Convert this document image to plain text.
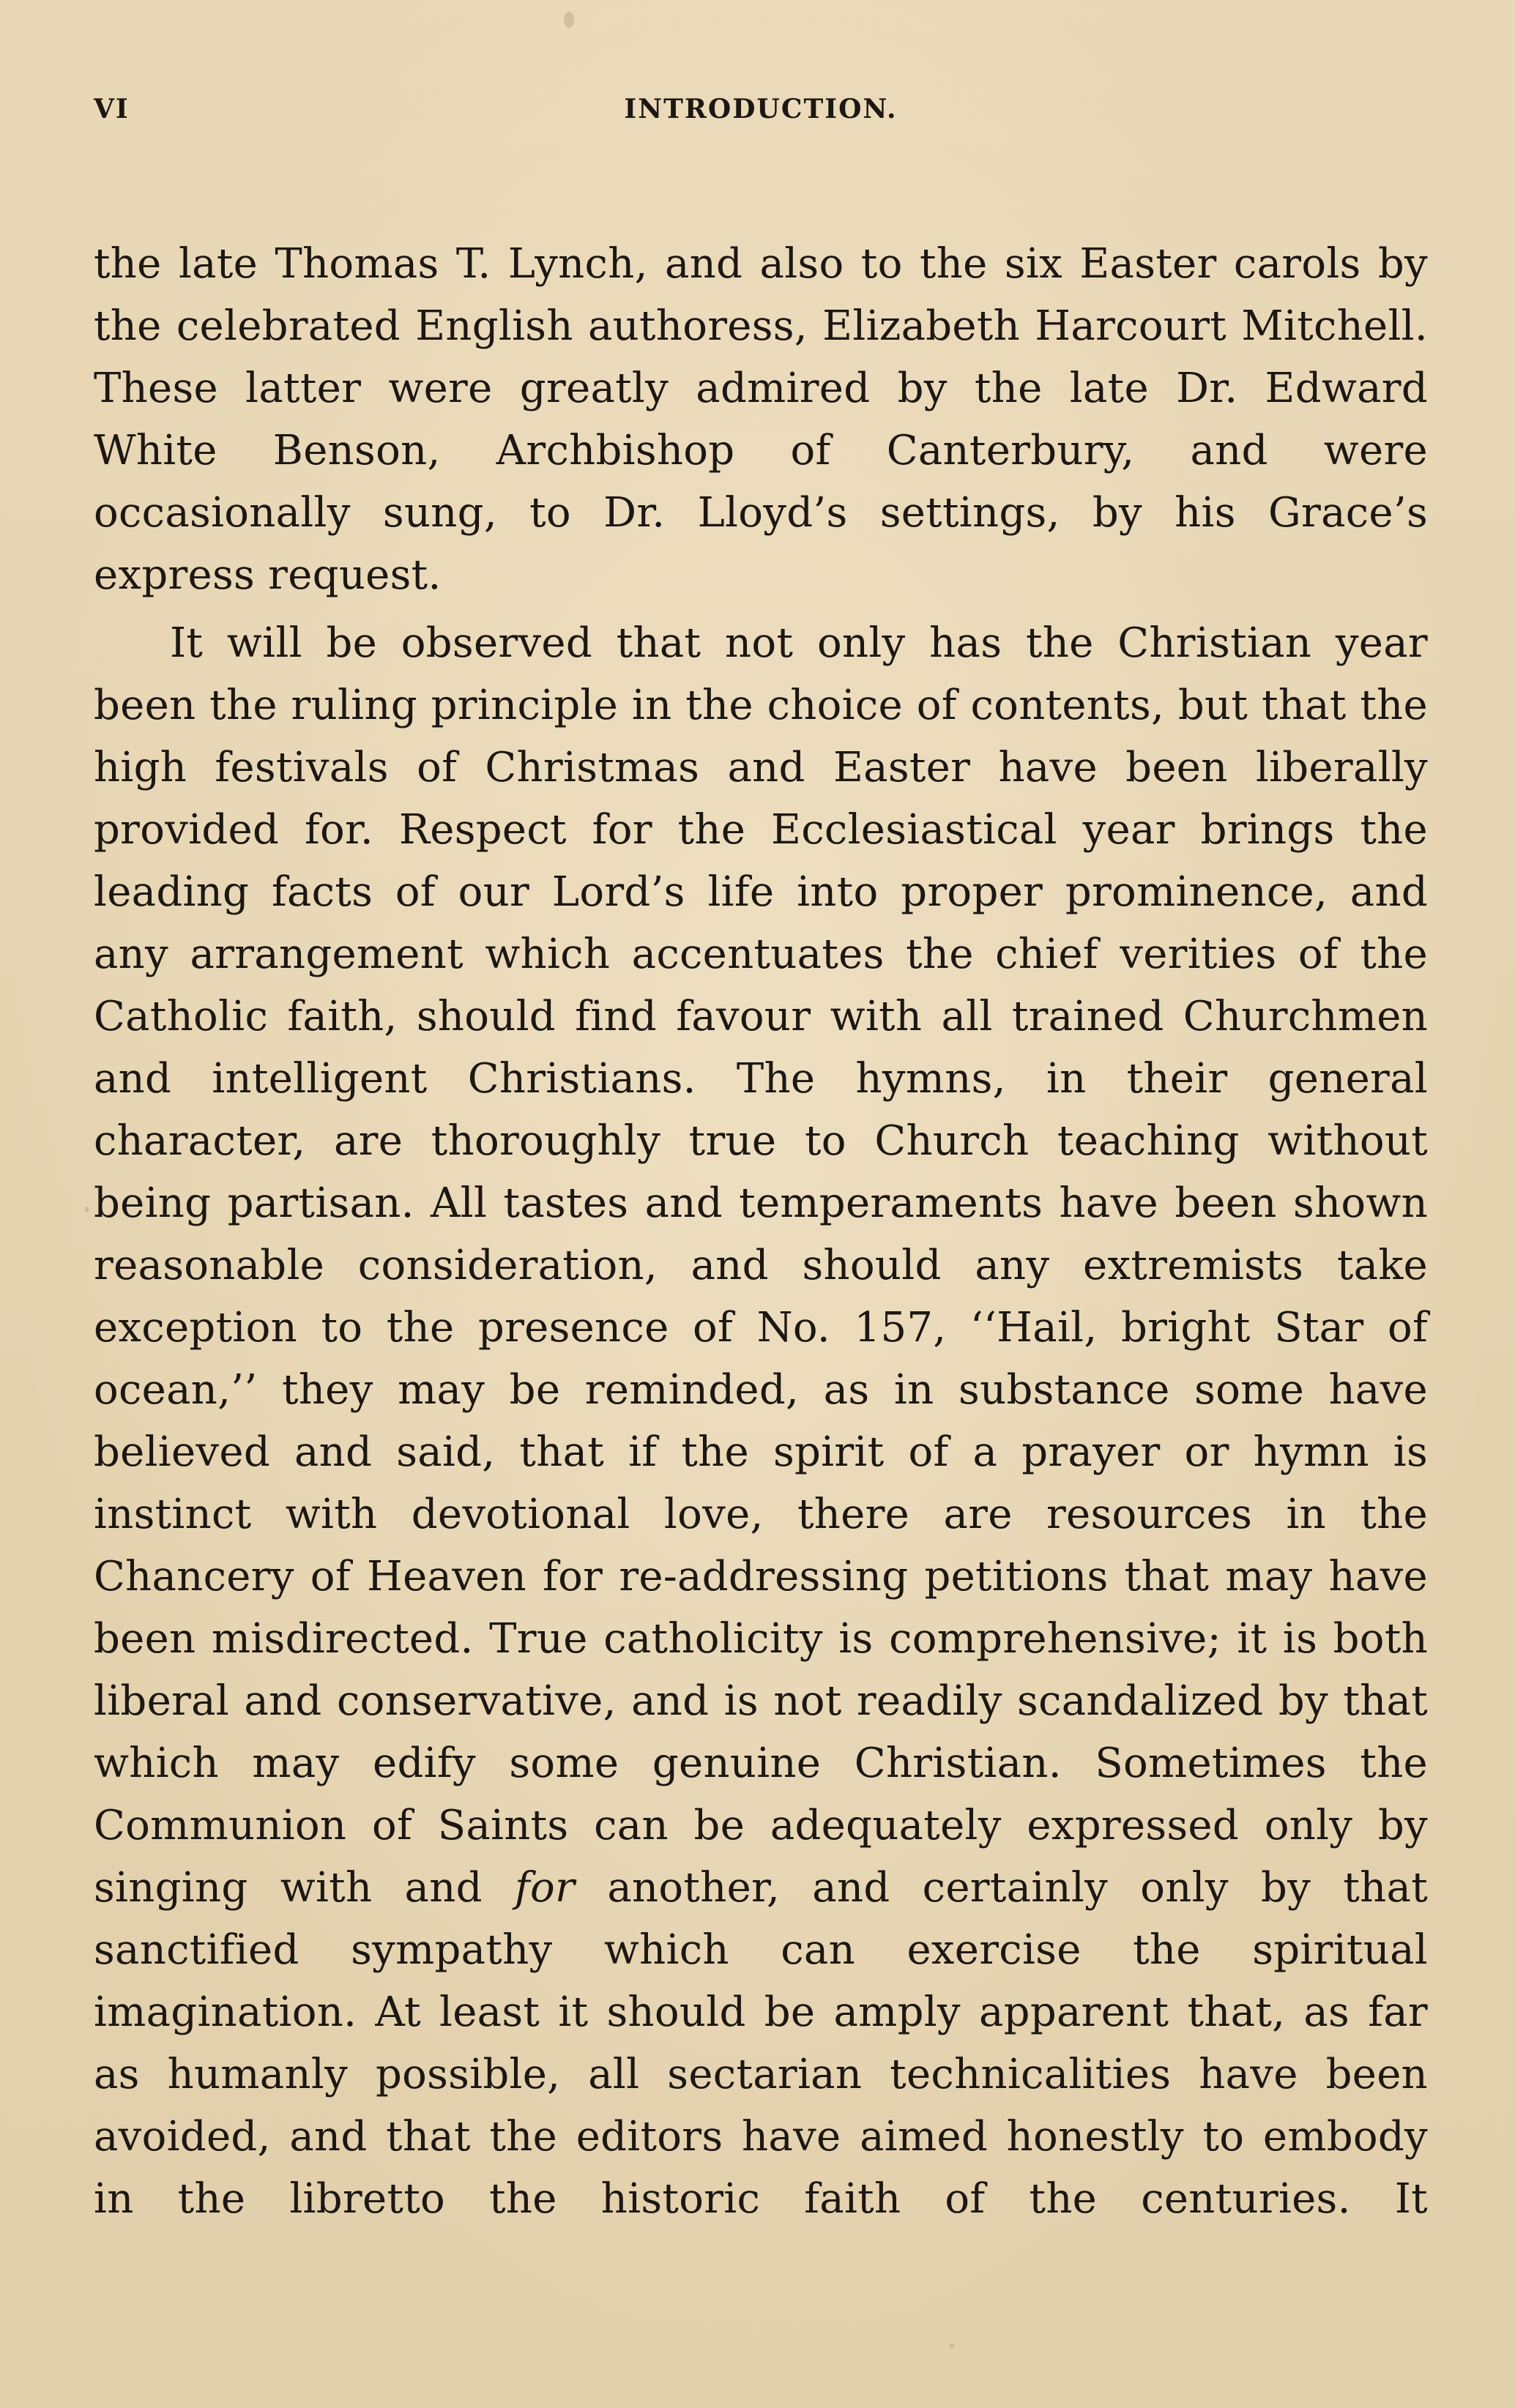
VI	INTRODUCTION.

the late Thomas T. Lynch, and also to the six Easter carols by the celebrated English authoress, Elizabeth Harcourt Mitchell. These latter were greatly admired by the late Dr. Edward White Benson, Archbishop of Canterbury, and were occasionally sung, to Dr. Lloyd’s settings, by his Grace’s express request.

It will be observed that not only has the Christian year been the ruling principle in the choice of contents, but that the high festivals of Christmas and Easter have been liberally provided for. Respect for the Ecclesiastical year brings the leading facts of our Lord’s life into proper prominence, and any arrangement which accentuates the chief verities of the Catholic faith, should find favour with all trained Churchmen and intelligent Christians. The hymns, in their general character, are thoroughly true to Church teaching without being partisan. All tastes and temperaments have been shown reasonable consideration, and should any extremists take exception to the presence of No. 157, ‘‘Hail, bright Star of ocean,’’ they may be reminded, as in substance some have believed and said, that if the spirit of a prayer or hymn is instinct with devotional love, there are resources in the Chancery of Heaven for re-addressing petitions that may have been misdirected. True catholicity is comprehensive; it is both liberal and conservative, and is not readily scandalized by that which may edify some genuine Christian. Sometimes the Communion of Saints can be adequately expressed only by singing with and for another, and certainly only by that sanctified sympathy which can exercise the spiritual imagination. At least it should be amply apparent that, as far as humanly possible, all sectarian technicalities have been avoided, and that the editors have aimed honestly to embody in the libretto the historic faith of the centuries. It
